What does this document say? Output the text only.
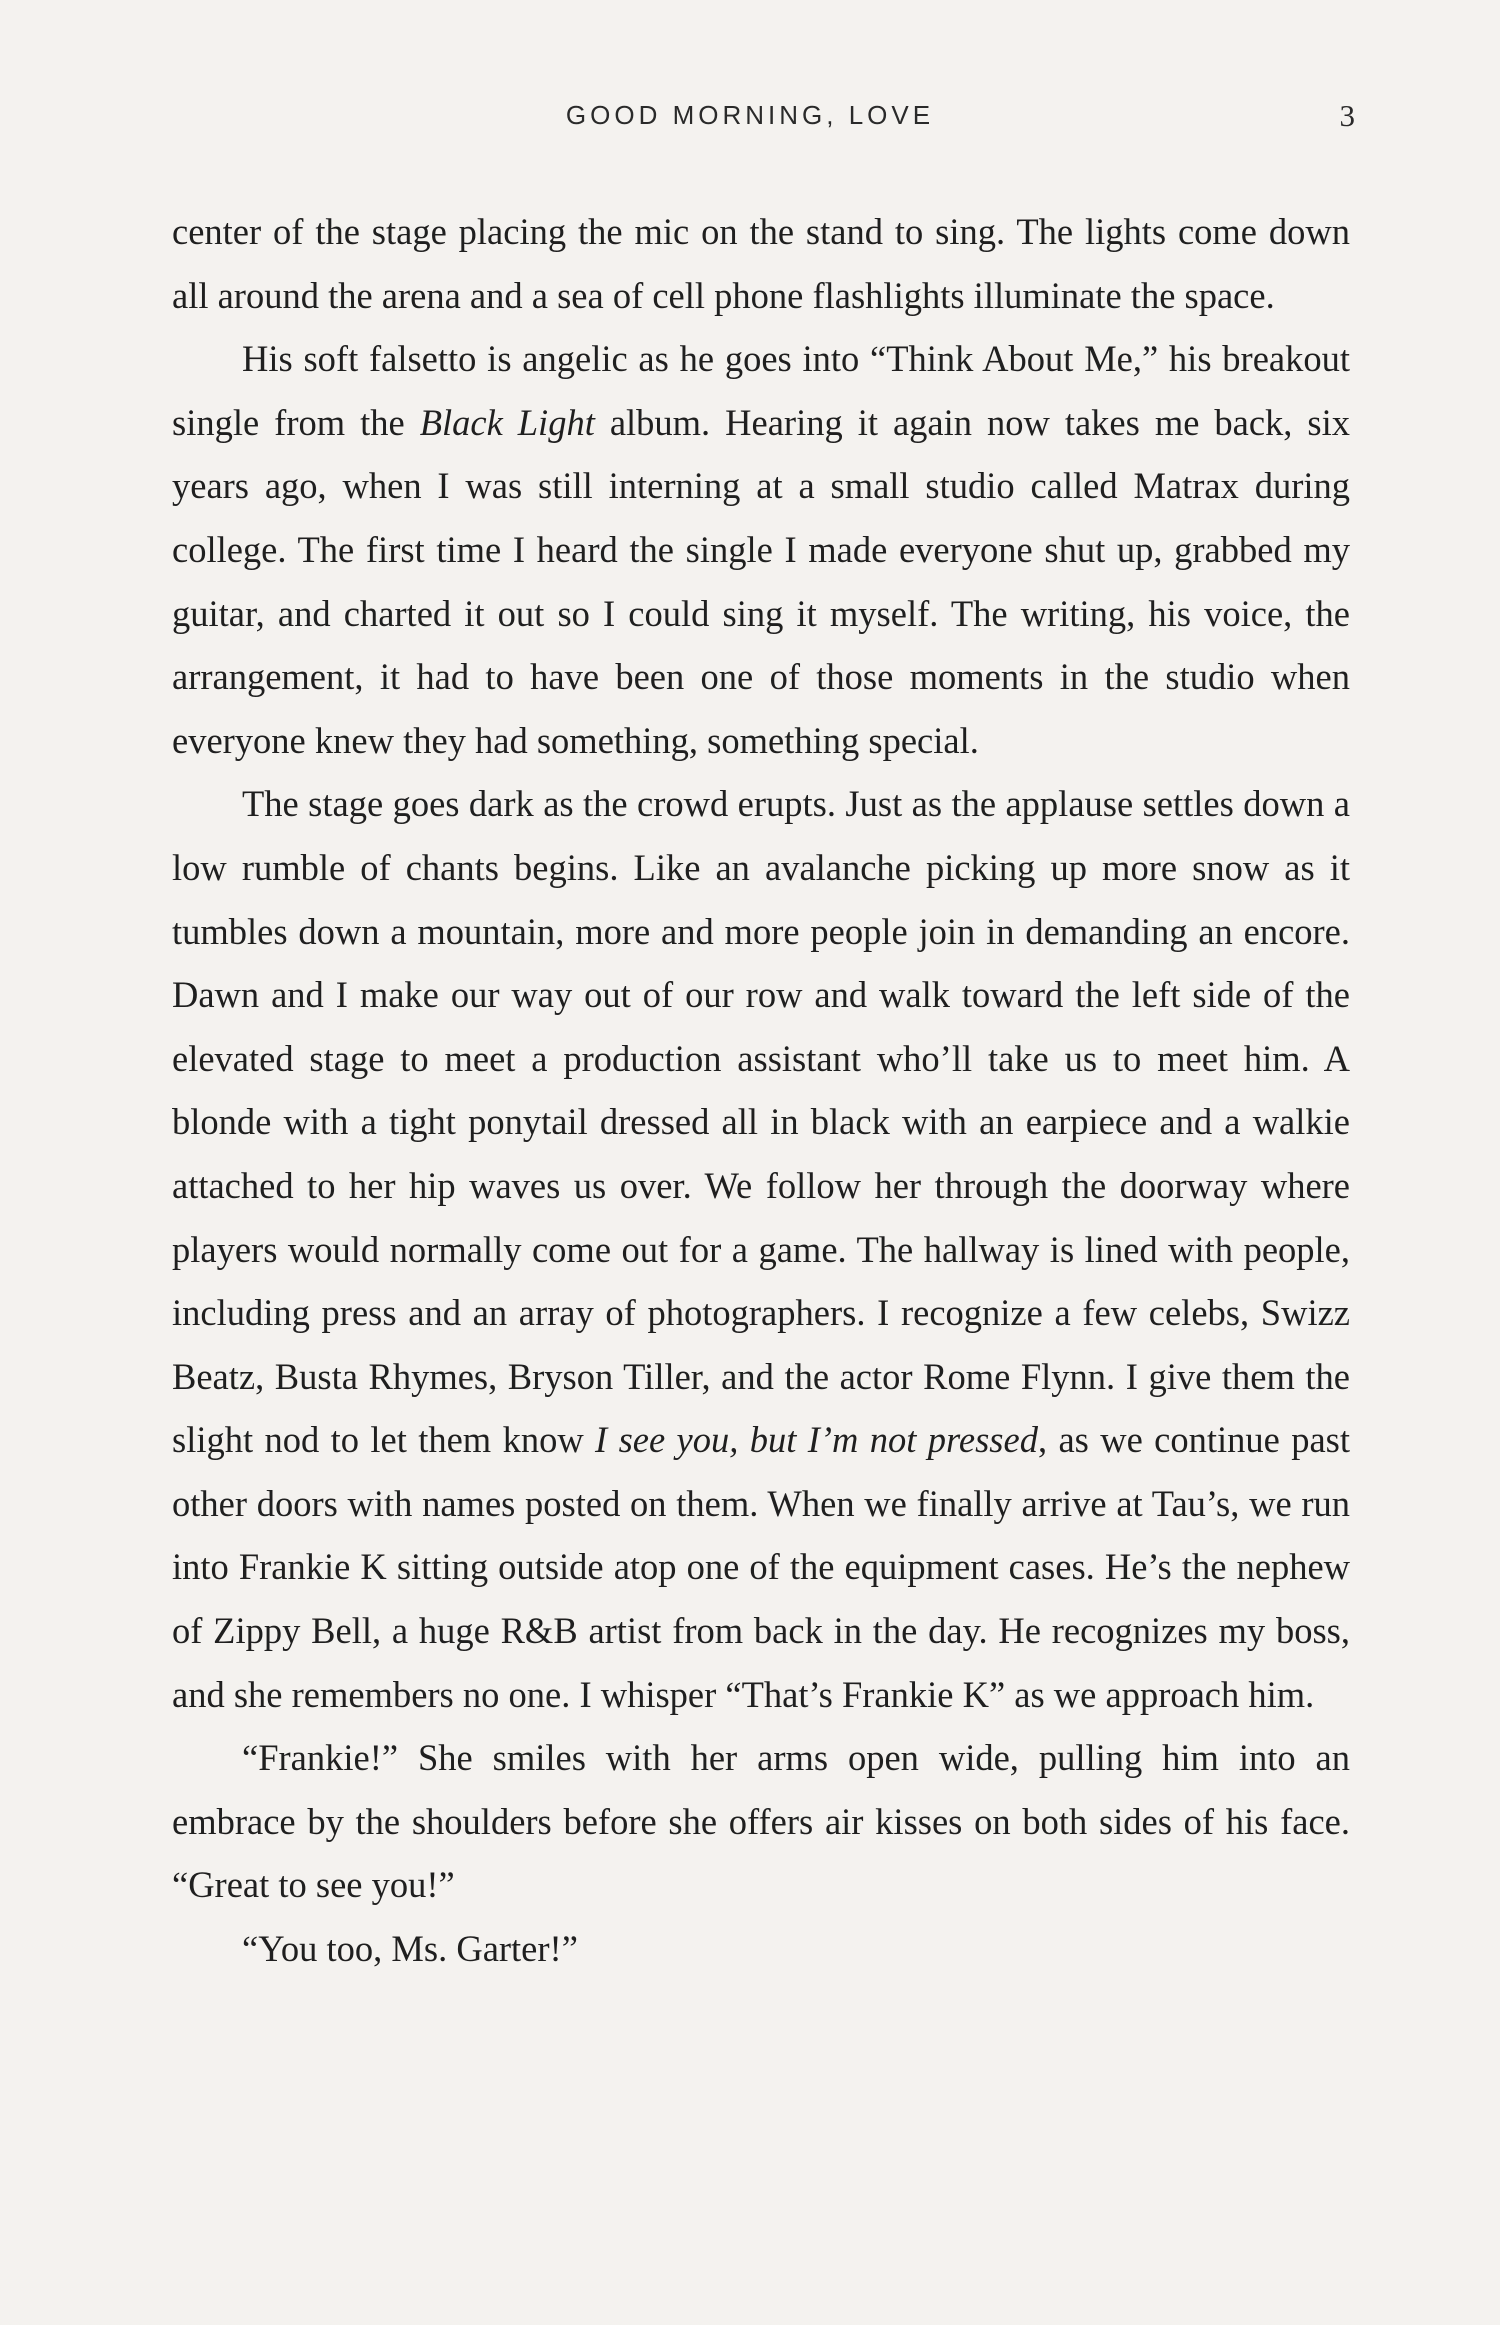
GOOD MORNING, LOVE	3

center of the stage placing the mic on the stand to sing. The lights come down all around the arena and a sea of cell phone flashlights illuminate the space.

His soft falsetto is angelic as he goes into “Think About Me,” his breakout single from the Black Light album. Hearing it again now takes me back, six years ago, when I was still interning at a small studio called Matrax during college. The first time I heard the single I made everyone shut up, grabbed my guitar, and charted it out so I could sing it myself. The writing, his voice, the arrangement, it had to have been one of those moments in the studio when everyone knew they had something, something special.

The stage goes dark as the crowd erupts. Just as the applause settles down a low rumble of chants begins. Like an avalanche picking up more snow as it tumbles down a mountain, more and more people join in demanding an encore. Dawn and I make our way out of our row and walk toward the left side of the elevated stage to meet a production assistant who’ll take us to meet him. A blonde with a tight ponytail dressed all in black with an earpiece and a walkie attached to her hip waves us over. We follow her through the doorway where players would normally come out for a game. The hallway is lined with people, including press and an array of photographers. I recognize a few celebs, Swizz Beatz, Busta Rhymes, Bryson Tiller, and the actor Rome Flynn. I give them the slight nod to let them know I see you, but I’m not pressed, as we continue past other doors with names posted on them. When we finally arrive at Tau’s, we run into Frankie K sitting outside atop one of the equipment cases. He’s the nephew of Zippy Bell, a huge R&B artist from back in the day. He recognizes my boss, and she remembers no one. I whisper “That’s Frankie K” as we approach him.

“Frankie!” She smiles with her arms open wide, pulling him into an embrace by the shoulders before she offers air kisses on both sides of his face. “Great to see you!”

“You too, Ms. Garter!”
